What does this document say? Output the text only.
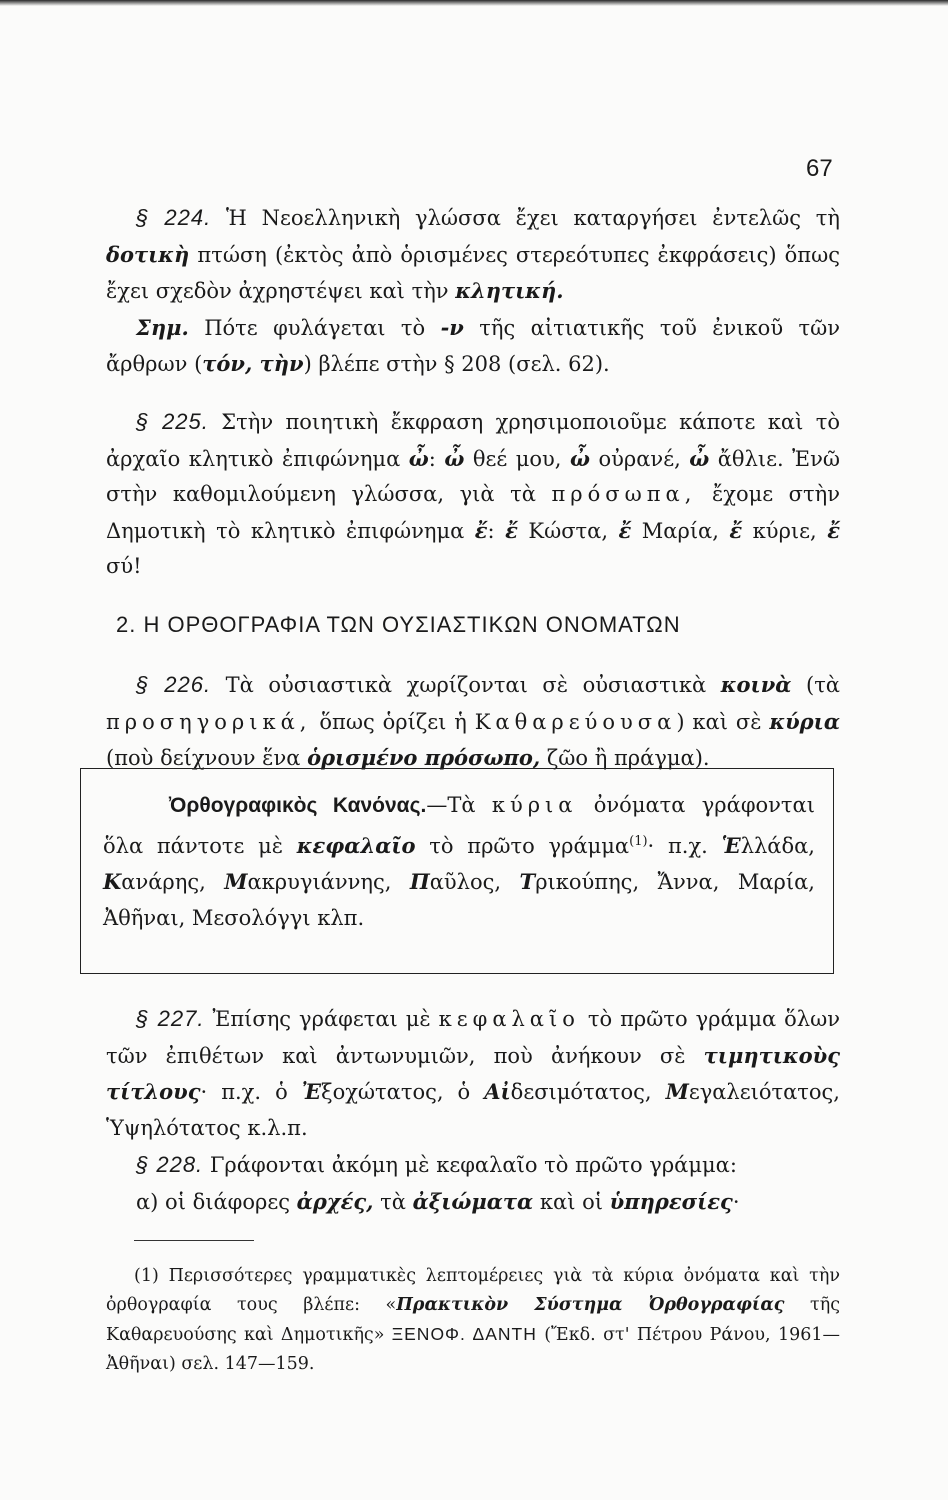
67

§ 224. Ἡ Νεοελληνικὴ γλώσσα ἔχει καταργήσει ἐντελῶς τὴ δοτικὴ πτώση (ἐκτὸς ἀπὸ ὁρισμένες στερεότυπες ἐκφράσεις) ὅπως ἔχει σχεδὸν ἀχρηστέψει καὶ τὴν κλητική.

Σημ. Πότε φυλάγεται τὸ -ν τῆς αἰτιατικῆς τοῦ ἐνικοῦ τῶν ἄρθρων (τόν, τὴν) βλέπε στὴν § 208 (σελ. 62).

§ 225. Στὴν ποιητικὴ ἔκφραση χρησιμοποιοῦμε κάποτε καὶ τὸ ἀρχαῖο κλητικὸ ἐπιφώνημα ὦ: ὦ θεέ μου, ὦ οὐρανέ, ὦ ἄθλιε. Ἐνῶ στὴν καθομιλούμενη γλώσσα, γιὰ τὰ πρόσωπα, ἔχομε στὴν Δημοτικὴ τὸ κλητικὸ ἐπιφώνημα ἔ: ἔ Κώστα, ἔ Μαρία, ἔ κύριε, ἔ σύ!

2. Η ΟΡΘΟΓΡΑΦΙΑ ΤΩΝ ΟΥΣΙΑΣΤΙΚΩΝ ΟΝΟΜΑΤΩΝ

§ 226. Τὰ οὐσιαστικὰ χωρίζονται σὲ οὐσιαστικὰ κοινὰ (τὰ προσηγορικά, ὅπως ὁρίζει ἡ Καθαρεύουσα) καὶ σὲ κύρια (ποὺ δείχνουν ἕνα ὁρισμένο πρόσωπο, ζῶο ἢ πράγμα).

Ὀρθογραφικὸς Κανόνας.—Τὰ κύρια ὀνόματα γράφονται ὅλα πάντοτε μὲ κεφαλαῖο τὸ πρῶτο γράμμα$^{(1)}$· π.χ. Ἑλλάδα, Κανάρης, Μακρυγιάννης, Παῦλος, Τρικούπης, Ἄννα, Μαρία, Ἀθῆναι, Μεσολόγγι κλπ.

§ 227. Ἐπίσης γράφεται μὲ κεφαλαῖο τὸ πρῶτο γράμμα ὅλων τῶν ἐπιθέτων καὶ ἀντωνυμιῶν, ποὺ ἀνήκουν σὲ τιμητικοὺς τίτλους· π.χ. ὁ Ἐξοχώτατος, ὁ Αἰδεσιμότατος, Μεγαλειότατος, Ὑψηλότατος κ.λ.π.

§ 228. Γράφονται ἀκόμη μὲ κεφαλαῖο τὸ πρῶτο γράμμα:

α) οἱ διάφορες ἀρχές, τὰ ἀξιώματα καὶ οἱ ὑπηρεσίες·

(1) Περισσότερες γραμματικὲς λεπτομέρειες γιὰ τὰ κύρια ὀνόματα καὶ τὴν ὀρθογραφία τους βλέπε: «Πρακτικὸν Σύστημα Ὀρθογραφίας τῆς Καθαρευούσης καὶ Δημοτικῆς» ΞΕΝΟΦ. ΔΑΝΤΗ (Ἔκδ. στ' Πέτρου Ράνου, 1961—Ἀθῆναι) σελ. 147—159.
